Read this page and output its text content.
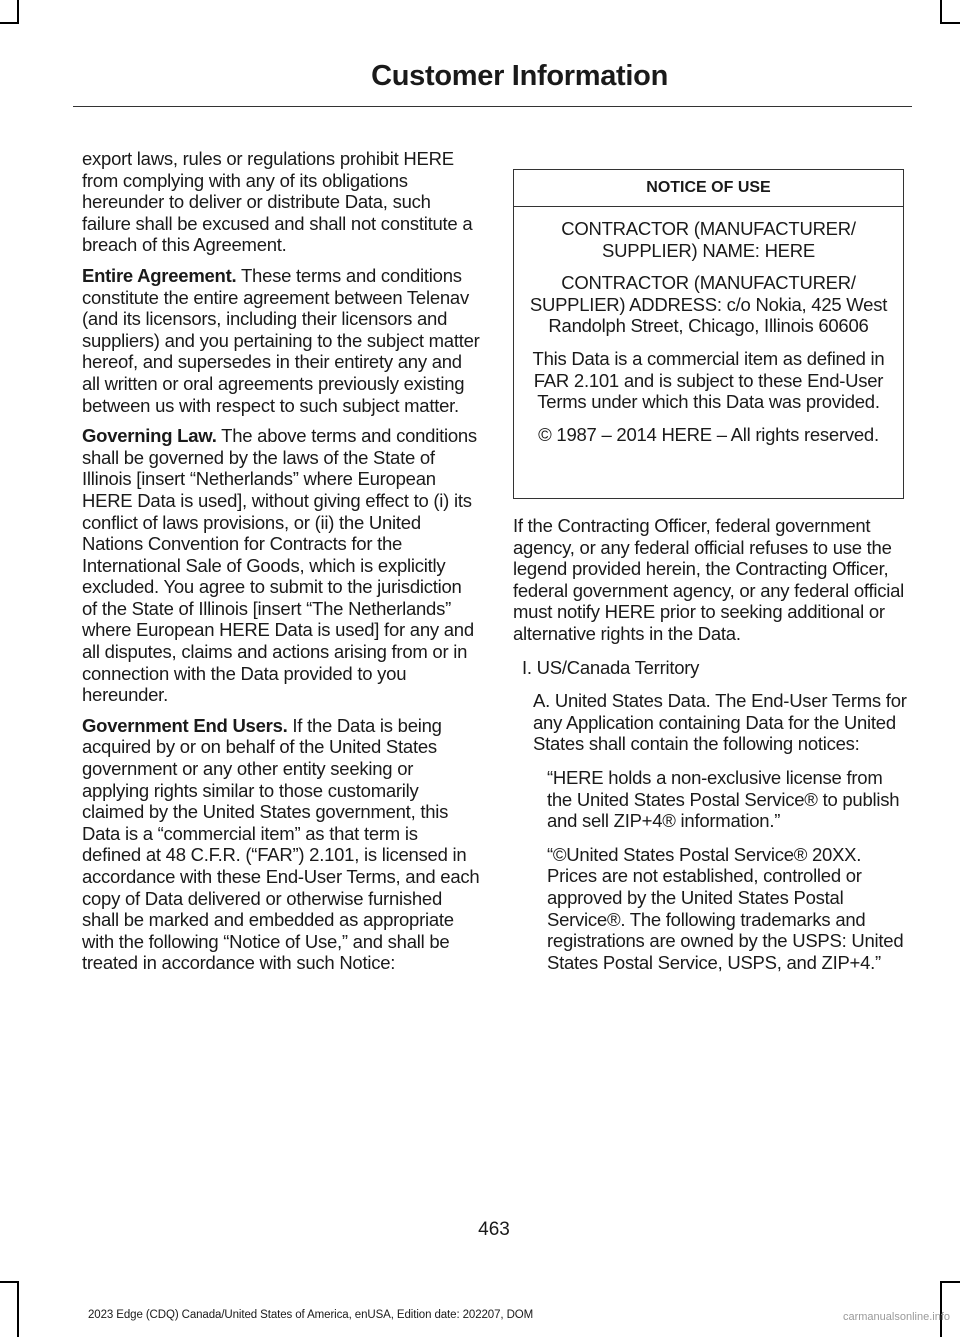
Customer Information

export laws, rules or regulations prohibit HERE from complying with any of its obligations hereunder to deliver or distribute Data, such failure shall be excused and shall not constitute a breach of this Agreement.

Entire Agreement. These terms and conditions constitute the entire agreement between Telenav (and its licensors, including their licensors and suppliers) and you pertaining to the subject matter hereof, and supersedes in their entirety any and all written or oral agreements previously existing between us with respect to such subject matter.

Governing Law. The above terms and conditions shall be governed by the laws of the State of Illinois [insert “Netherlands” where European HERE Data is used], without giving effect to (i) its conflict of laws provisions, or (ii) the United Nations Convention for Contracts for the International Sale of Goods, which is explicitly excluded. You agree to submit to the jurisdiction of the State of Illinois [insert “The Netherlands” where European HERE Data is used] for any and all disputes, claims and actions arising from or in connection with the Data provided to you hereunder.

Government End Users. If the Data is being acquired by or on behalf of the United States government or any other entity seeking or applying rights similar to those customarily claimed by the United States government, this Data is a “commercial item” as that term is defined at 48 C.F.R. (“FAR”) 2.101, is licensed in accordance with these End-User Terms, and each copy of Data delivered or otherwise furnished shall be marked and embedded as appropriate with the following “Notice of Use,” and shall be treated in accordance with such Notice:

NOTICE OF USE

CONTRACTOR (MANUFACTURER/ SUPPLIER) NAME: HERE

CONTRACTOR (MANUFACTURER/ SUPPLIER) ADDRESS: c/o Nokia, 425 West Randolph Street, Chicago, Illinois 60606

This Data is a commercial item as defined in FAR 2.101 and is subject to these End-User Terms under which this Data was provided.

© 1987 – 2014 HERE – All rights reserved.

If the Contracting Officer, federal government agency, or any federal official refuses to use the legend provided herein, the Contracting Officer, federal government agency, or any federal official must notify HERE prior to seeking additional or alternative rights in the Data.

I. US/Canada Territory

A. United States Data. The End-User Terms for any Application containing Data for the United States shall contain the following notices:

“HERE holds a non-exclusive license from the United States Postal Service® to publish and sell ZIP+4® information.”

“©United States Postal Service® 20XX. Prices are not established, controlled or approved by the United States Postal Service®. The following trademarks and registrations are owned by the USPS: United States Postal Service, USPS, and ZIP+4.”

463
2023 Edge (CDQ) Canada/United States of America, enUSA, Edition date: 202207, DOM	carmanualsonline.info
